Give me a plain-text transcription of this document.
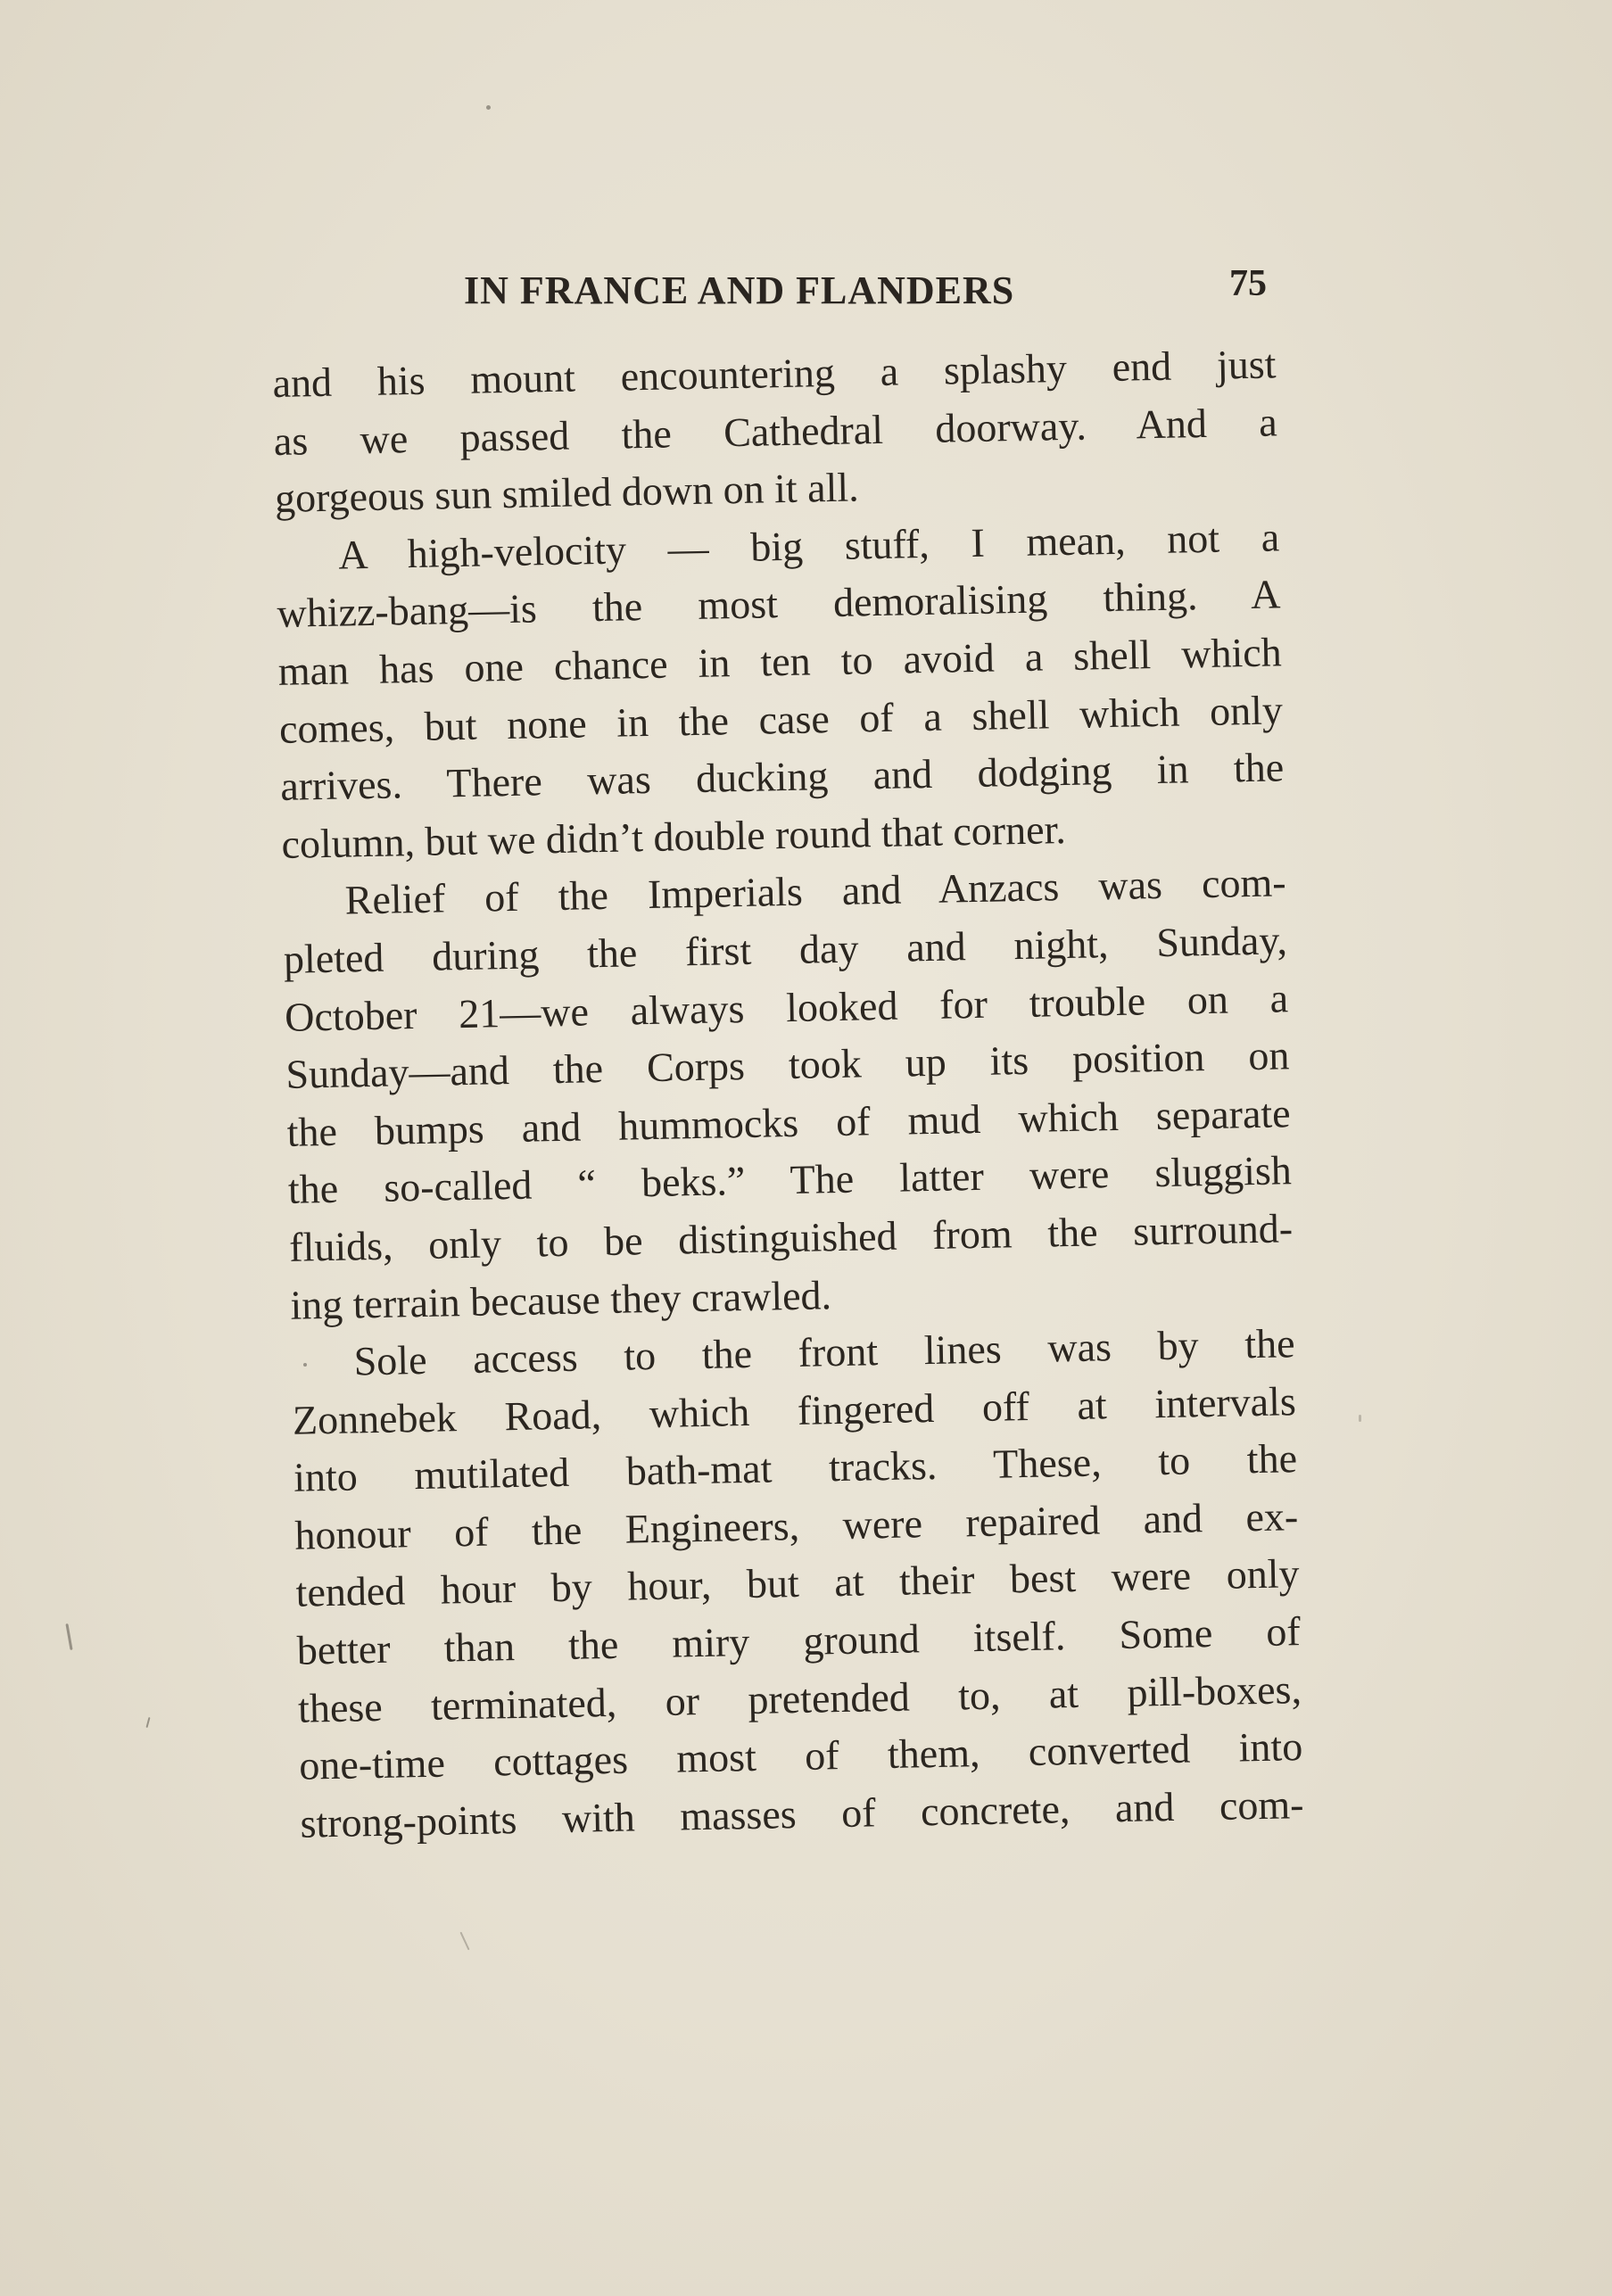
IN FRANCE AND FLANDERS	75
and his mount encountering a splashy end just
as we passed the Cathedral doorway. And a
gorgeous sun smiled down on it all.
A high-velocity — big stuff, I mean, not a
whizz-bang—is the most demoralising thing. A
man has one chance in ten to avoid a shell which
comes, but none in the case of a shell which only
arrives. There was ducking and dodging in the
column, but we didn’t double round that corner.
Relief of the Imperials and Anzacs was com-
pleted during the first day and night, Sunday,
October 21—we always looked for trouble on a
Sunday—and the Corps took up its position on
the bumps and hummocks of mud which separate
the so-called “ beks.” The latter were sluggish
fluids, only to be distinguished from the surround-
ing terrain because they crawled.
Sole access to the front lines was by the
Zonnebek Road, which fingered off at intervals
into mutilated bath-mat tracks. These, to the
honour of the Engineers, were repaired and ex-
tended hour by hour, but at their best were only
better than the miry ground itself. Some of
these terminated, or pretended to, at pill-boxes,
one-time cottages most of them, converted into
strong-points with masses of concrete, and com-
